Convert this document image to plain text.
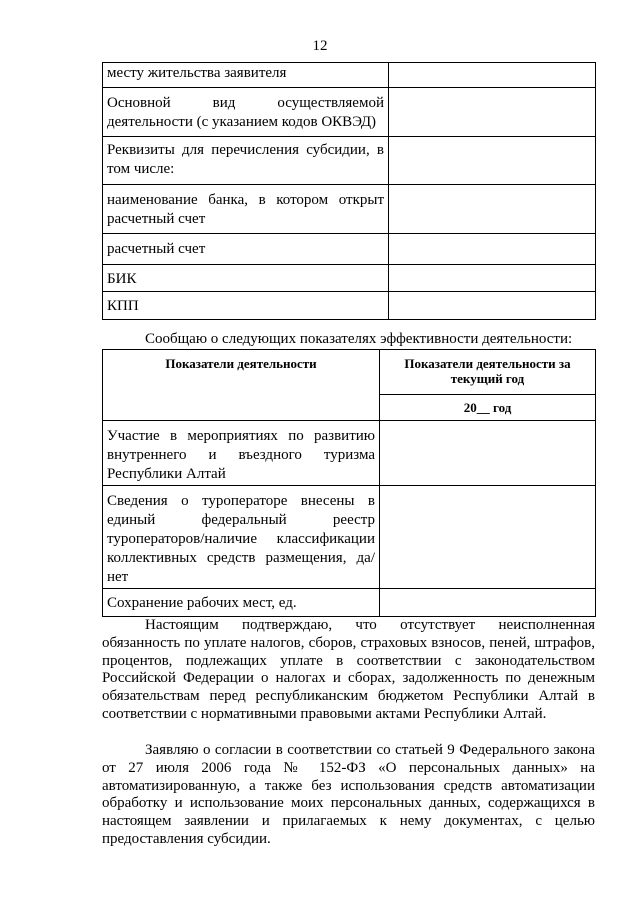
12
месту жительства заявителя	
Основной вид осуществляемой деятельности (с указанием кодов ОКВЭД)	
Реквизиты для перечисления субсидии, в том числе:	
наименование банка, в котором открыт расчетный счет	
расчетный счет	
БИК	
КПП	
Сообщаю о следующих показателях эффективности деятельности:
Показатели деятельности	Показатели деятельности за текущий год
	20__ год
Участие в мероприятиях по развитию внутреннего и въездного туризма Республики Алтай	
Сведения о туроператоре внесены в единый федеральный реестр туроператоров/наличие классификации коллективных средств размещения, да/нет	
Сохранение рабочих мест, ед.	
Настоящим подтверждаю, что отсутствует неисполненная обязанность по уплате налогов, сборов, страховых взносов, пеней, штрафов, процентов, подлежащих уплате в соответствии с законодательством Российской Федерации о налогах и сборах, задолженность по денежным обязательствам перед республиканским бюджетом Республики Алтай в соответствии с нормативными правовыми актами Республики Алтай.
Заявляю о согласии в соответствии со статьей 9 Федерального закона от 27 июля 2006 года № 152-ФЗ «О персональных данных» на автоматизированную, а также без использования средств автоматизации обработку и использование моих персональных данных, содержащихся в настоящем заявлении и прилагаемых к нему документах, с целью предоставления субсидии.
